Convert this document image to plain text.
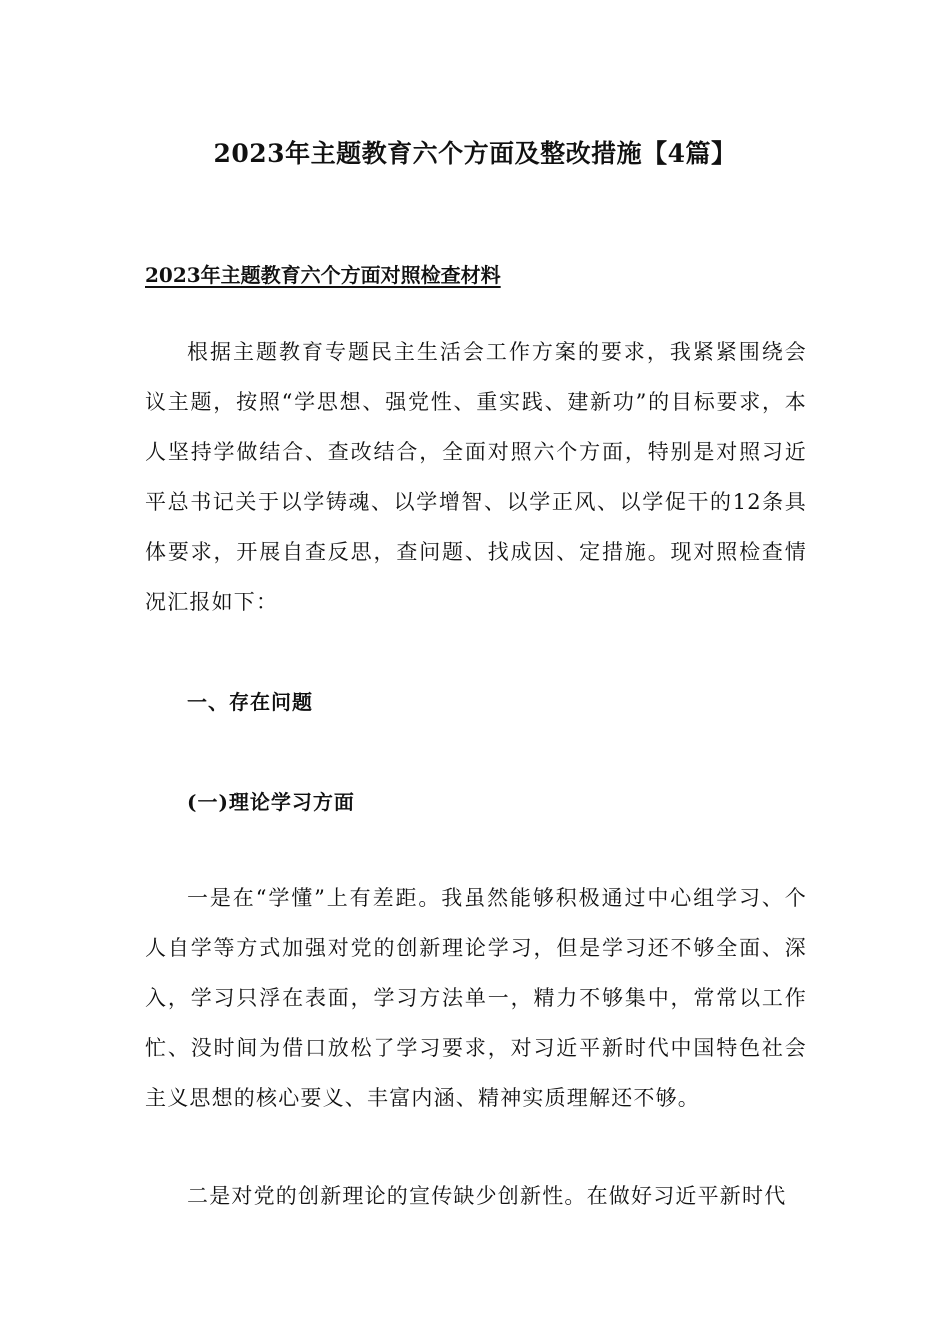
2023年主题教育六个方面及整改措施【4篇】
2023年主题教育六个方面对照检查材料
根据主题教育专题民主生活会工作方案的要求，我紧紧围绕会议主题，按照“学思想、强党性、重实践、建新功”的目标要求，本人坚持学做结合、查改结合，全面对照六个方面，特别是对照习近平总书记关于以学铸魂、以学增智、以学正风、以学促干的12条具体要求，开展自查反思，查问题、找成因、定措施。现对照检查情况汇报如下：
一、存在问题
(一)理论学习方面
一是在“学懂”上有差距。我虽然能够积极通过中心组学习、个人自学等方式加强对党的创新理论学习，但是学习还不够全面、深入，学习只浮在表面，学习方法单一，精力不够集中，常常以工作忙、没时间为借口放松了学习要求，对习近平新时代中国特色社会主义思想的核心要义、丰富内涵、精神实质理解还不够。
二是对党的创新理论的宣传缺少创新性。在做好习近平新时代
